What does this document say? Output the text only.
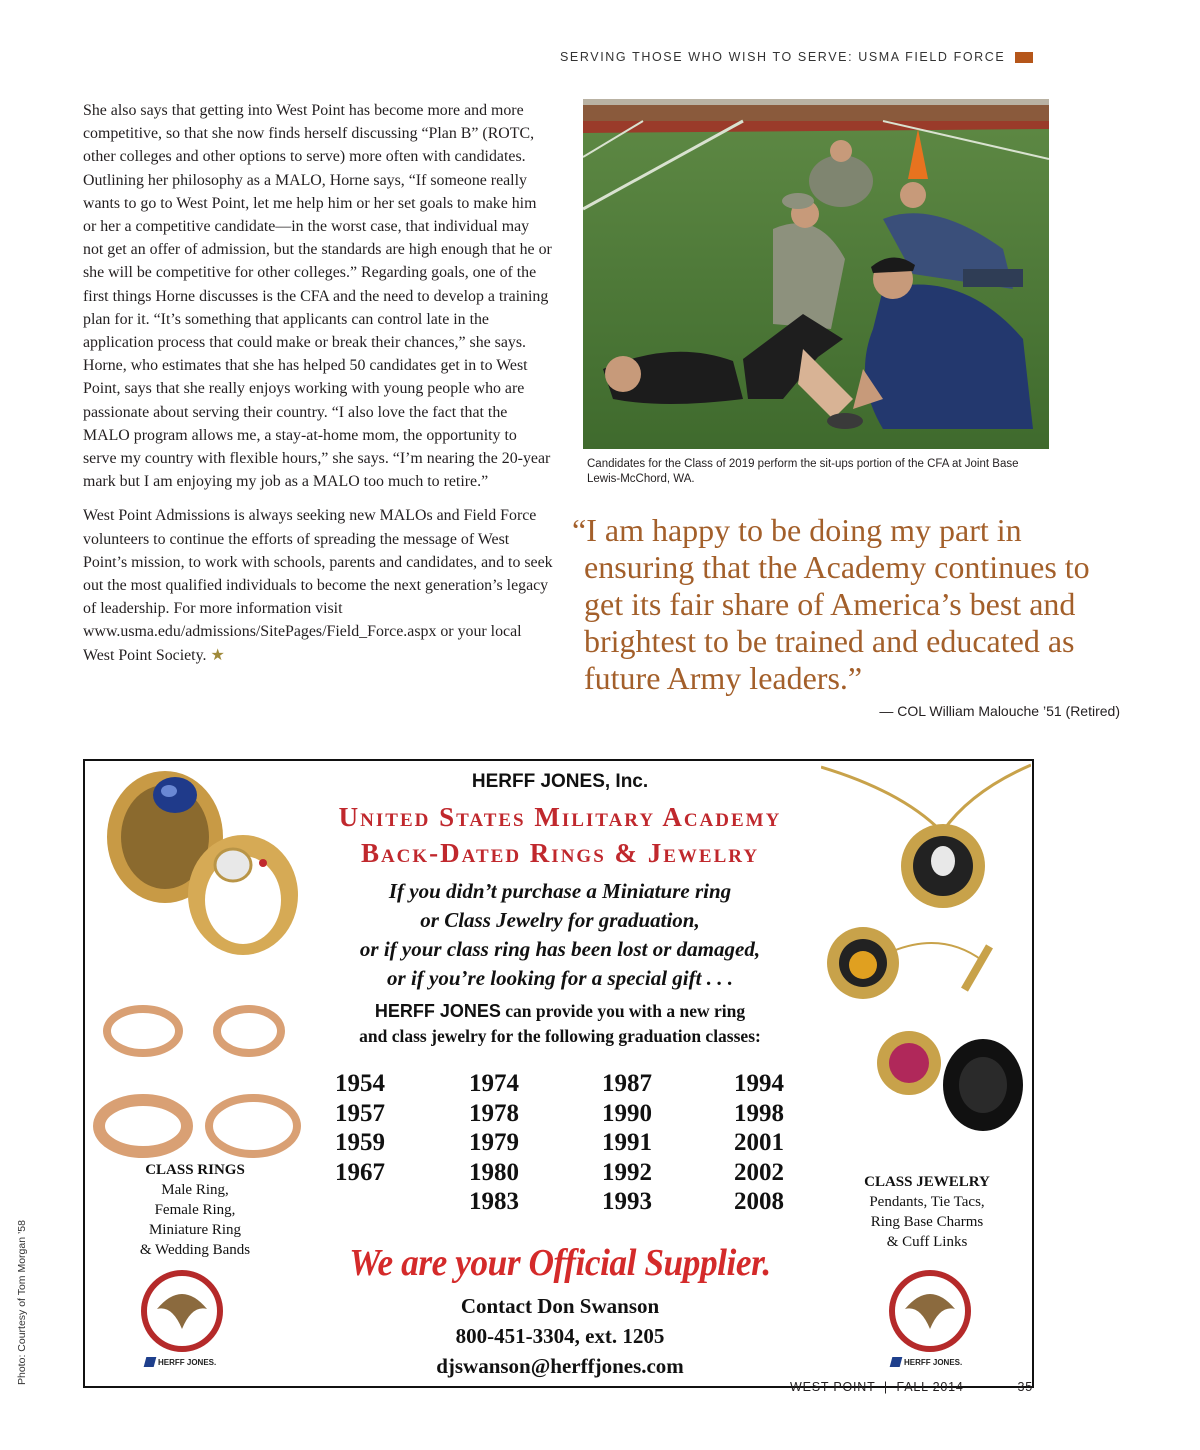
SERVING THOSE WHO WISH TO SERVE: USMA FIELD FORCE

She also says that getting into West Point has become more and more competitive, so that she now finds herself discussing “Plan B” (ROTC, other colleges and other options to serve) more often with candidates. Outlining her philosophy as a MALO, Horne says, “If someone really wants to go to West Point, let me help him or her set goals to make him or her a competitive candidate—in the worst case, that individual may not get an offer of admission, but the standards are high enough that he or she will be competitive for other colleges.” Regarding goals, one of the first things Horne discusses is the CFA and the need to develop a training plan for it. “It’s something that applicants can control late in the application process that could make or break their chances,” she says. Horne, who estimates that she has helped 50 candidates get in to West Point, says that she really enjoys working with young people who are passionate about serving their country. “I also love the fact that the MALO program allows me, a stay-at-home mom, the opportunity to serve my country with flexible hours,” she says. “I’m nearing the 20-year mark but I am enjoying my job as a MALO too much to retire.”

West Point Admissions is always seeking new MALOs and Field Force volunteers to continue the efforts of spreading the message of West Point’s mission, to work with schools, parents and candidates, and to seek out the most qualified individuals to become the next generation’s legacy of leadership. For more information visit www.usma.edu/admissions/SitePages/Field_Force.aspx or your local West Point Society. ★

Candidates for the Class of 2019 perform the sit-ups portion of the CFA at Joint Base Lewis-McChord, WA.
“I am happy to be doing my part in
ensuring that the Academy continues to
get its fair share of America’s best and
brightest to be trained and educated as
future Army leaders.”
— COL William Malouche ’51 (Retired)
HERFF JONES, Inc.
United States Military Academy
Back-Dated Rings & Jewelry
If you didn’t purchase a Miniature ring
or Class Jewelry for graduation,
or if your class ring has been lost or damaged,
or if you’re looking for a special gift . . .
HERFF JONES can provide you with a new ring
and class jewelry for the following graduation classes:
1954
1957
1959
1967
1974
1978
1979
1980
1983
1987
1990
1991
1992
1993
1994
1998
2001
2002
2008
CLASS RINGS
Male Ring,
Female Ring,
Miniature Ring
& Wedding Bands
CLASS JEWELRY
Pendants, Tie Tacs,
Ring Base Charms
& Cuff Links
We are your Official Supplier.
Contact Don Swanson
800-451-3304, ext. 1205
djswanson@herffjones.com
HERFF JONES.	HERFF JONES.
WEST POINT  |  FALL 2014	35
Photo: Courtesy of Tom Morgan ’58
